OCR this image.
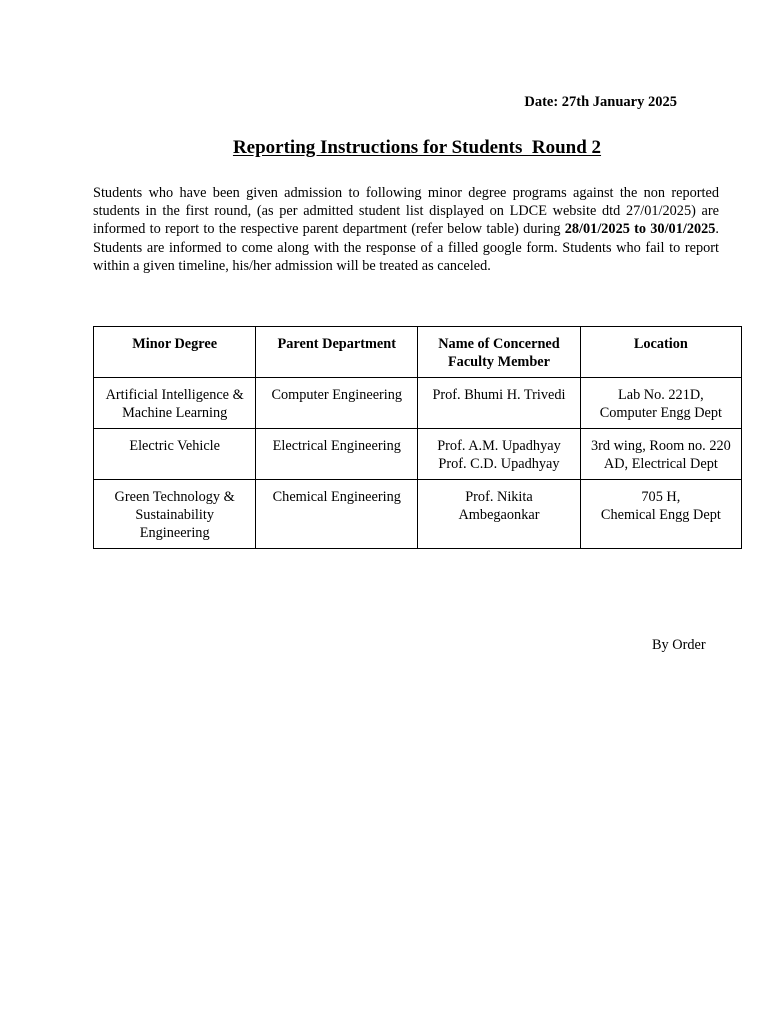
Date: 27th January 2025
Reporting Instructions for Students  Round 2
Students who have been given admission to following minor degree programs against the non reported students in the first round, (as per admitted student list displayed on LDCE website dtd 27/01/2025) are informed to report to the respective parent department (refer below table) during 28/01/2025 to 30/01/2025. Students are informed to come along with the response of a filled google form. Students who fail to report within a given timeline, his/her admission will be treated as canceled.
Minor Degree	Parent Department	Name of Concerned
Faculty Member	Location

Artificial Intelligence &
Machine Learning	Computer Engineering	Prof. Bhumi H. Trivedi	Lab No. 221D,
Computer Engg Dept

Electric Vehicle	Electrical Engineering	Prof. A.M. Upadhyay
Prof. C.D. Upadhyay	3rd wing, Room no. 220
AD, Electrical Dept

Green Technology &
Sustainability
Engineering	Chemical Engineering	Prof. Nikita
Ambegaonkar	705 H,
Chemical Engg Dept
By Order
